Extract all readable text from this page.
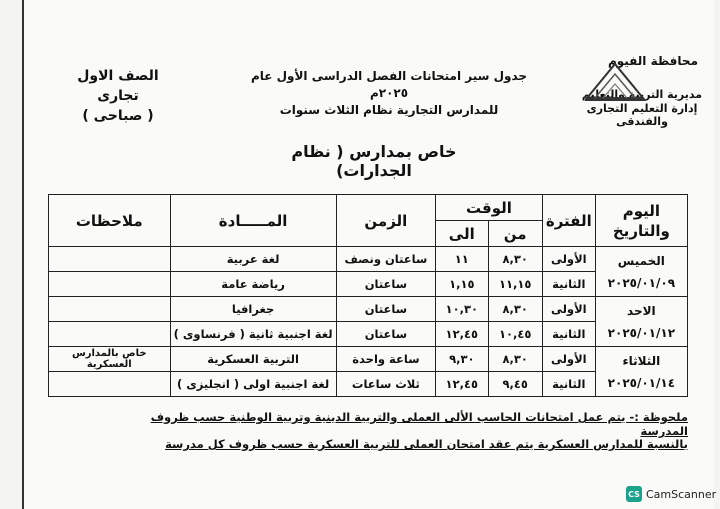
الصف الاول
تجارى
( صباحى )
جدول سير امتحانات الفصل الدراسى الأول عام ٢٠٢٥م
للمدارس التجارية نظام الثلاث سنوات
محافظة الفيوم
مديرية التربية والتعليم
إدارة التعليم التجارى والفندقى
خاص بمدارس ( نظام الجدارات)
اليوم والتاريخ	الفترة	الوقت		الزمن	المـــــادة	ملاحظات
		من	الى			

الخميس
٢٠٢٥/٠١/٠٩	الأولى	٨,٣٠	١١	ساعتان ونصف	لغة عربية	
	الثانية	١١,١٥	١,١٥	ساعتان	رياضة عامة	

الاحد
٢٠٢٥/٠١/١٢	الأولى	٨,٣٠	١٠,٣٠	ساعتان	جغرافيا	
	الثانية	١٠,٤٥	١٢,٤٥	ساعتان	لغة اجنبية ثانية ( فرنساوى )	

الثلاثاء
٢٠٢٥/٠١/١٤	الأولى	٨,٣٠	٩,٣٠	ساعة واحدة	التربية العسكرية	خاص بالمدارس العسكرية
	الثانية	٩,٤٥	١٢,٤٥	ثلاث ساعات	لغة اجنبية اولى ( انجليزى )	
ملحوظة :- يتم عمل امتحانات الحاسب الألى العملى والتربية الدينية وتربية الوطنية حسب ظروف المدرسة
بالنسبة للمدارس العسكرية يتم عقد امتحان العملى للتربية العسكرية حسب ظروف كل مدرسة
CS CamScanner
